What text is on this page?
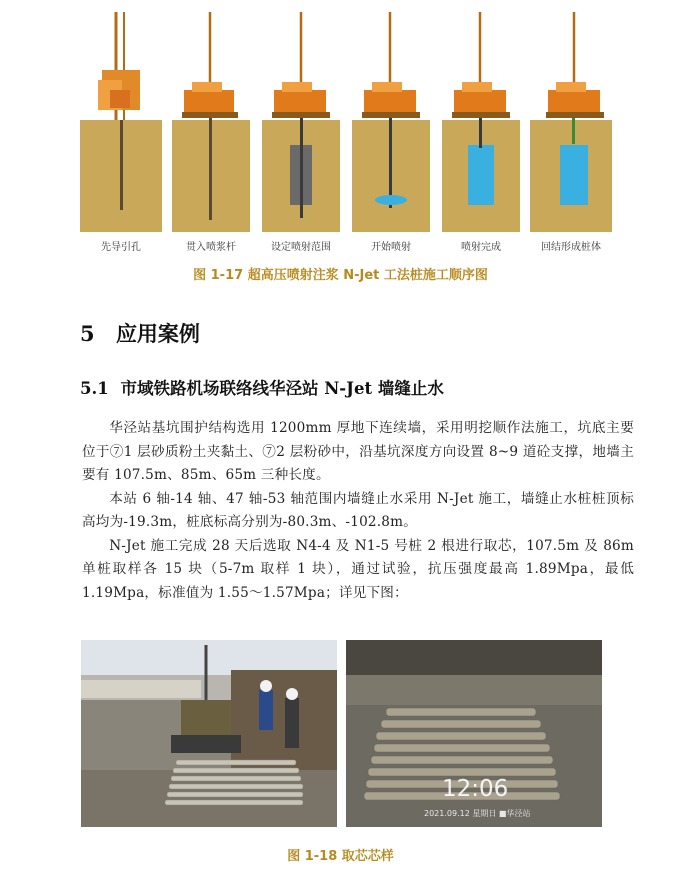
先导引孔	贯入喷浆杆	设定喷射范围	开始喷射	喷射完成	回结形成桩体
图 1-17 超高压喷射注浆 N-Jet 工法桩施工顺序图
5 应用案例
5.1 市域铁路机场联络线华泾站 N-Jet 墙缝止水

华泾站基坑围护结构选用 1200mm 厚地下连续墙，采用明挖顺作法施工，坑底主要位于⑦1 层砂质粉土夹黏土、⑦2 层粉砂中，沿基坑深度方向设置 8~9 道砼支撑，地墙主要有 107.5m、85m、65m 三种长度。

本站 6 轴-14 轴、47 轴-53 轴范围内墙缝止水采用 N-Jet 施工，墙缝止水桩桩顶标高均为-19.3m，桩底标高分别为-80.3m、-102.8m。

N-Jet 施工完成 28 天后选取 N4-4 及 N1-5 号桩 2 根进行取芯，107.5m 及 86m 单桩取样各 15 块（5-7m 取样 1 块），通过试验，抗压强度最高 1.89Mpa，最低 1.19Mpa，标准值为 1.55～1.57Mpa；详见下图：

12:06
2021.09.12 星期日 ■华泾站
图 1-18 取芯芯样
